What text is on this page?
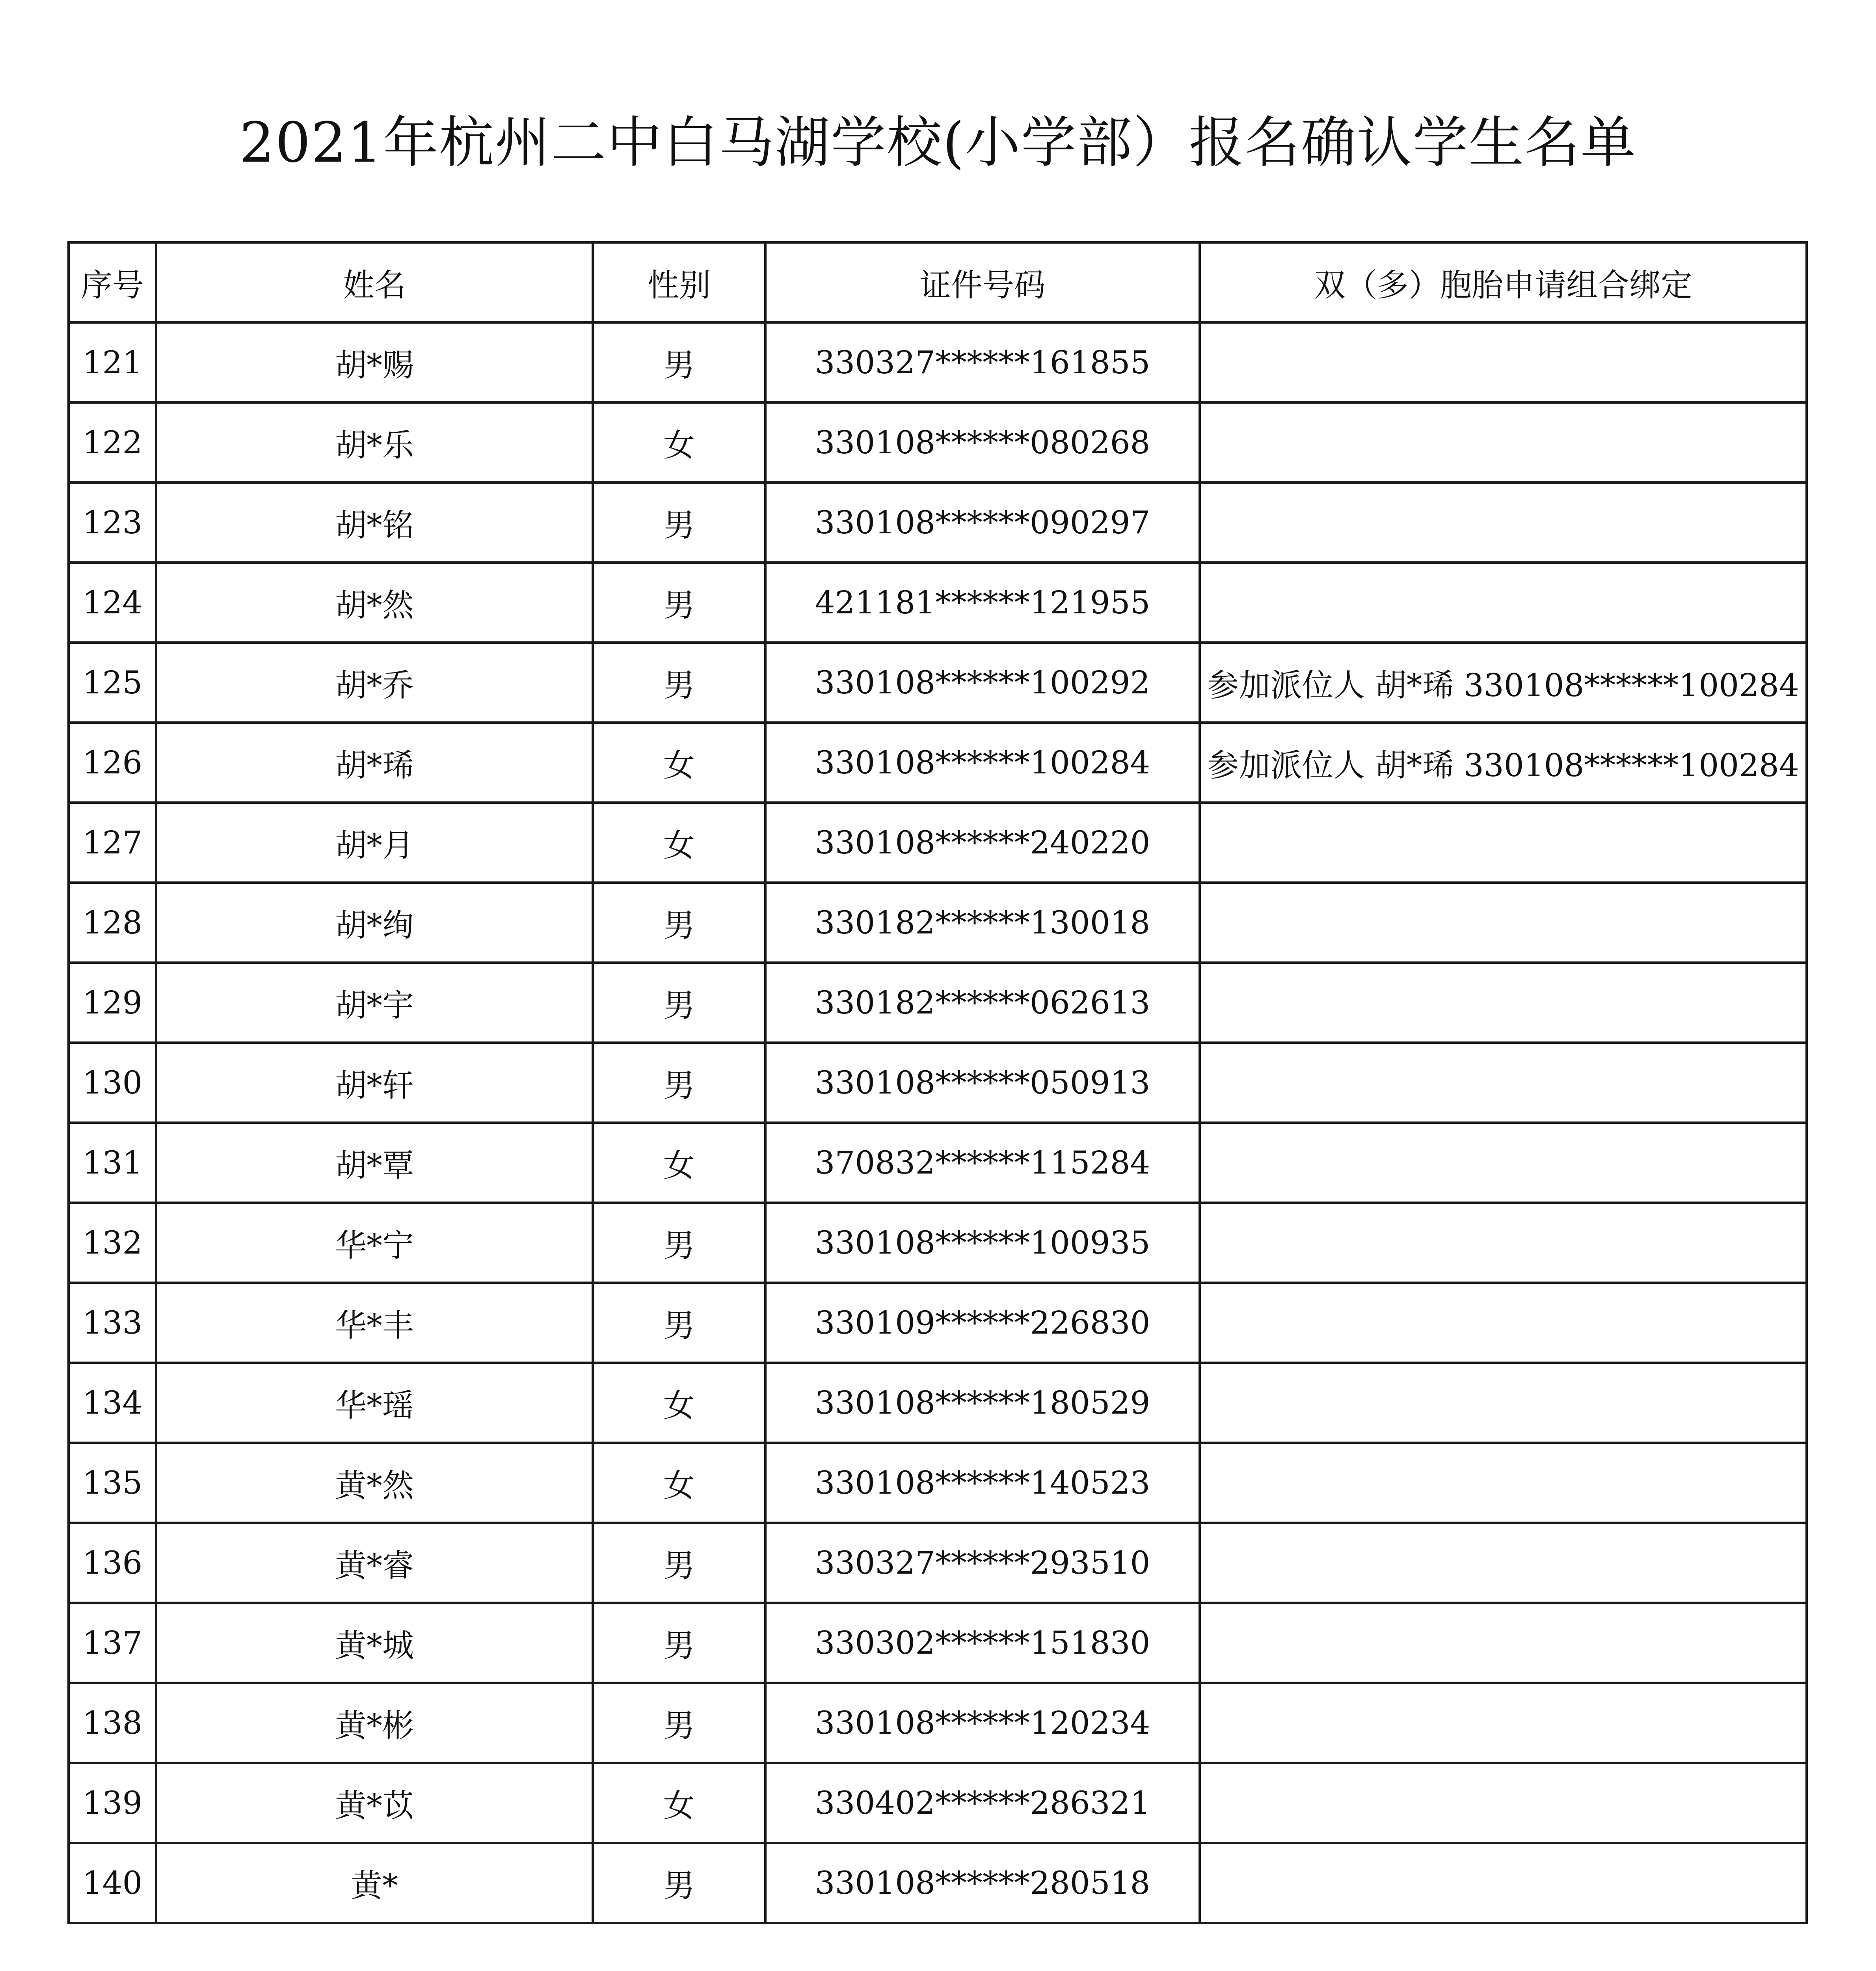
2021年杭州二中白马湖学校(小学部）报名确认学生名单
序号	姓名	性别	证件号码	双（多）胞胎申请组合绑定
121	胡*赐	男	330327******161855	
122	胡*乐	女	330108******080268	
123	胡*铭	男	330108******090297	
124	胡*然	男	421181******121955	
125	胡*乔	男	330108******100292	参加派位人 胡*琋 330108******100284
126	胡*琋	女	330108******100284	参加派位人 胡*琋 330108******100284
127	胡*月	女	330108******240220	
128	胡*绚	男	330182******130018	
129	胡*宇	男	330182******062613	
130	胡*轩	男	330108******050913	
131	胡*覃	女	370832******115284	
132	华*宁	男	330108******100935	
133	华*丰	男	330109******226830	
134	华*瑶	女	330108******180529	
135	黄*然	女	330108******140523	
136	黄*睿	男	330327******293510	
137	黄*城	男	330302******151830	
138	黄*彬	男	330108******120234	
139	黄*苡	女	330402******286321	
140	黄*	男	330108******280518	
